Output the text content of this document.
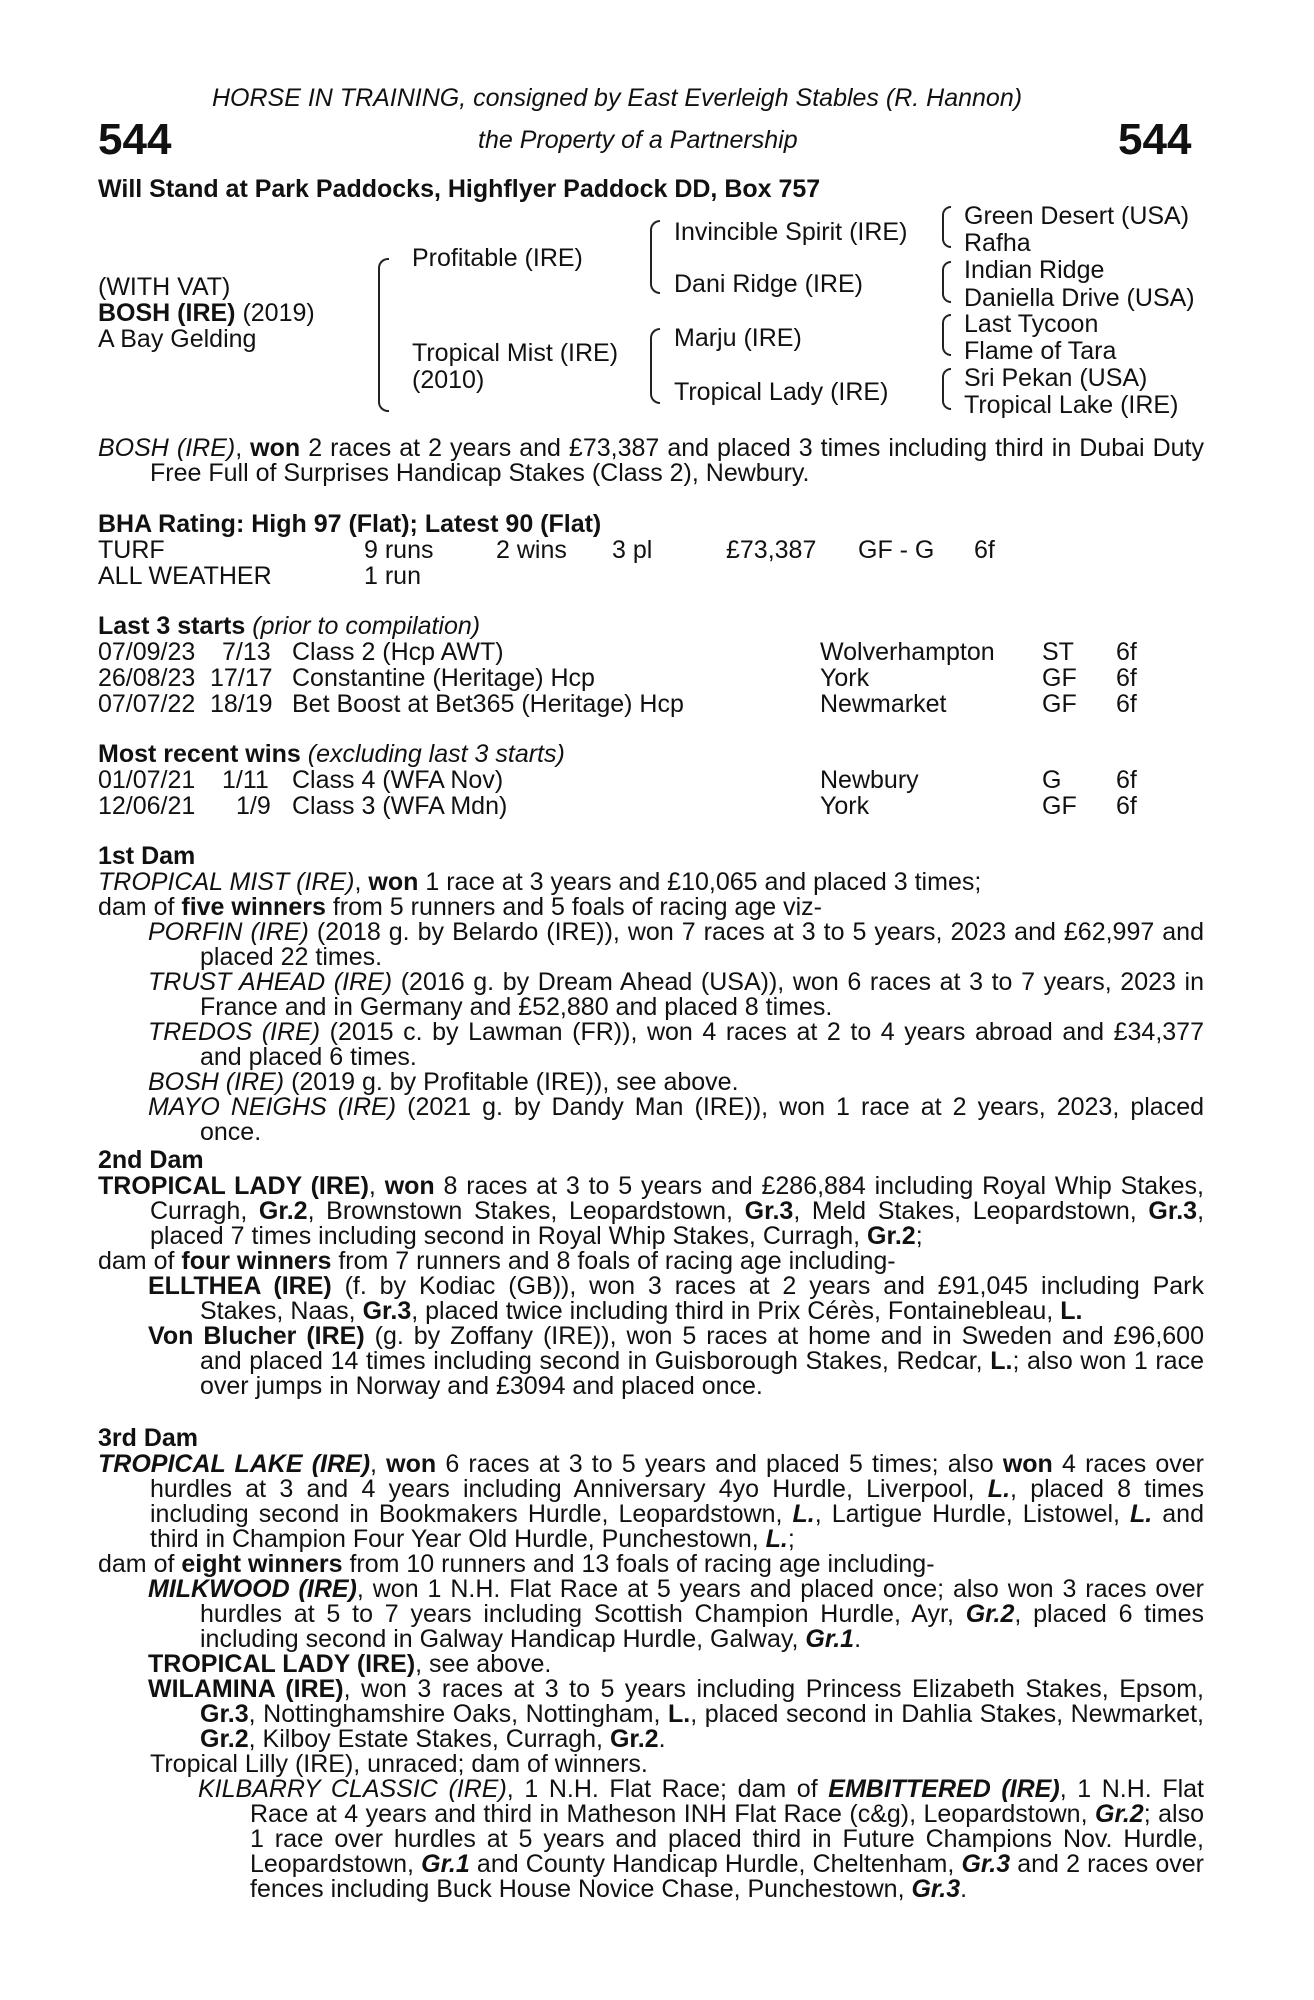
HORSE IN TRAINING, consigned by East Everleigh Stables (R. Hannon)
544	the Property of a Partnership	544
Will Stand at Park Paddocks, Highflyer Paddock DD, Box 757
(WITH VAT)
BOSH (IRE) (2019)
A Bay Gelding
Profitable (IRE)
Tropical Mist (IRE)
(2010)
Invincible Spirit (IRE)
Dani Ridge (IRE)
Marju (IRE)
Tropical Lady (IRE)
Green Desert (USA)
Rafha
Indian Ridge
Daniella Drive (USA)
Last Tycoon
Flame of Tara
Sri Pekan (USA)
Tropical Lake (IRE)

BOSH (IRE), won 2 races at 2 years and £73,387 and placed 3 times including third in Dubai Duty Free Full of Surprises Handicap Stakes (Class 2), Newbury.

BHA Rating: High 97 (Flat); Latest 90 (Flat)
TURF	9 runs	2 wins 3 pl	£73,387 GF - G 6f
ALL WEATHER	1 run
Last 3 starts (prior to compilation)
07/09/23 7/13 Class 2 (Hcp AWT)	Wolverhampton ST 6f
26/08/23 17/17 Constantine (Heritage) Hcp	York	GF 6f
07/07/22 18/19 Bet Boost at Bet365 (Heritage) Hcp	Newmarket	GF 6f
Most recent wins (excluding last 3 starts)
01/07/21 1/11 Class 4 (WFA Nov)	Newbury	G 6f
12/06/21 1/9 Class 3 (WFA Mdn)	York	GF 6f
1st Dam

TROPICAL MIST (IRE), won 1 race at 3 years and £10,065 and placed 3 times;

dam of five winners from 5 runners and 5 foals of racing age viz-

PORFIN (IRE) (2018 g. by Belardo (IRE)), won 7 races at 3 to 5 years, 2023 and £62,997 and placed 22 times.

TRUST AHEAD (IRE) (2016 g. by Dream Ahead (USA)), won 6 races at 3 to 7 years, 2023 in France and in Germany and £52,880 and placed 8 times.

TREDOS (IRE) (2015 c. by Lawman (FR)), won 4 races at 2 to 4 years abroad and £34,377 and placed 6 times.

BOSH (IRE) (2019 g. by Profitable (IRE)), see above.

MAYO NEIGHS (IRE) (2021 g. by Dandy Man (IRE)), won 1 race at 2 years, 2023, placed once.

2nd Dam

TROPICAL LADY (IRE), won 8 races at 3 to 5 years and £286,884 including Royal Whip Stakes, Curragh, Gr.2, Brownstown Stakes, Leopardstown, Gr.3, Meld Stakes, Leopardstown, Gr.3, placed 7 times including second in Royal Whip Stakes, Curragh, Gr.2;

dam of four winners from 7 runners and 8 foals of racing age including-

ELLTHEA (IRE) (f. by Kodiac (GB)), won 3 races at 2 years and £91,045 including Park Stakes, Naas, Gr.3, placed twice including third in Prix Cérès, Fontainebleau, L.

Von Blucher (IRE) (g. by Zoffany (IRE)), won 5 races at home and in Sweden and £96,600 and placed 14 times including second in Guisborough Stakes, Redcar, L.; also won 1 race over jumps in Norway and £3094 and placed once.

3rd Dam

TROPICAL LAKE (IRE), won 6 races at 3 to 5 years and placed 5 times; also won 4 races over hurdles at 3 and 4 years including Anniversary 4yo Hurdle, Liverpool, L., placed 8 times including second in Bookmakers Hurdle, Leopardstown, L., Lartigue Hurdle, Listowel, L. and third in Champion Four Year Old Hurdle, Punchestown, L.;

dam of eight winners from 10 runners and 13 foals of racing age including-

MILKWOOD (IRE), won 1 N.H. Flat Race at 5 years and placed once; also won 3 races over hurdles at 5 to 7 years including Scottish Champion Hurdle, Ayr, Gr.2, placed 6 times including second in Galway Handicap Hurdle, Galway, Gr.1.

TROPICAL LADY (IRE), see above.

WILAMINA (IRE), won 3 races at 3 to 5 years including Princess Elizabeth Stakes, Epsom, Gr.3, Nottinghamshire Oaks, Nottingham, L., placed second in Dahlia Stakes, Newmarket, Gr.2, Kilboy Estate Stakes, Curragh, Gr.2.

Tropical Lilly (IRE), unraced; dam of winners.

KILBARRY CLASSIC (IRE), 1 N.H. Flat Race; dam of EMBITTERED (IRE), 1 N.H. Flat Race at 4 years and third in Matheson INH Flat Race (c&g), Leopardstown, Gr.2; also 1 race over hurdles at 5 years and placed third in Future Champions Nov. Hurdle, Leopardstown, Gr.1 and County Handicap Hurdle, Cheltenham, Gr.3 and 2 races over fences including Buck House Novice Chase, Punchestown, Gr.3.
